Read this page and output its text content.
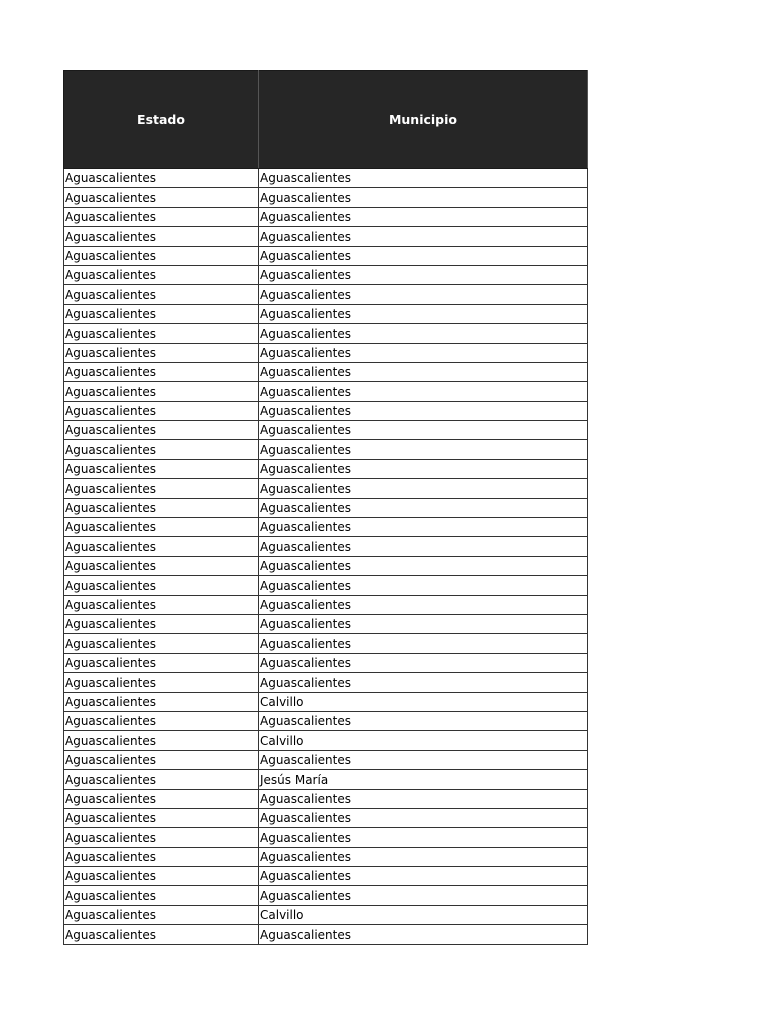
Estado	Municipio
Aguascalientes	Aguascalientes
Aguascalientes	Aguascalientes
Aguascalientes	Aguascalientes
Aguascalientes	Aguascalientes
Aguascalientes	Aguascalientes
Aguascalientes	Aguascalientes
Aguascalientes	Aguascalientes
Aguascalientes	Aguascalientes
Aguascalientes	Aguascalientes
Aguascalientes	Aguascalientes
Aguascalientes	Aguascalientes
Aguascalientes	Aguascalientes
Aguascalientes	Aguascalientes
Aguascalientes	Aguascalientes
Aguascalientes	Aguascalientes
Aguascalientes	Aguascalientes
Aguascalientes	Aguascalientes
Aguascalientes	Aguascalientes
Aguascalientes	Aguascalientes
Aguascalientes	Aguascalientes
Aguascalientes	Aguascalientes
Aguascalientes	Aguascalientes
Aguascalientes	Aguascalientes
Aguascalientes	Aguascalientes
Aguascalientes	Aguascalientes
Aguascalientes	Aguascalientes
Aguascalientes	Aguascalientes
Aguascalientes	Calvillo
Aguascalientes	Aguascalientes
Aguascalientes	Calvillo
Aguascalientes	Aguascalientes
Aguascalientes	Jesús María
Aguascalientes	Aguascalientes
Aguascalientes	Aguascalientes
Aguascalientes	Aguascalientes
Aguascalientes	Aguascalientes
Aguascalientes	Aguascalientes
Aguascalientes	Aguascalientes
Aguascalientes	Calvillo
Aguascalientes	Aguascalientes
